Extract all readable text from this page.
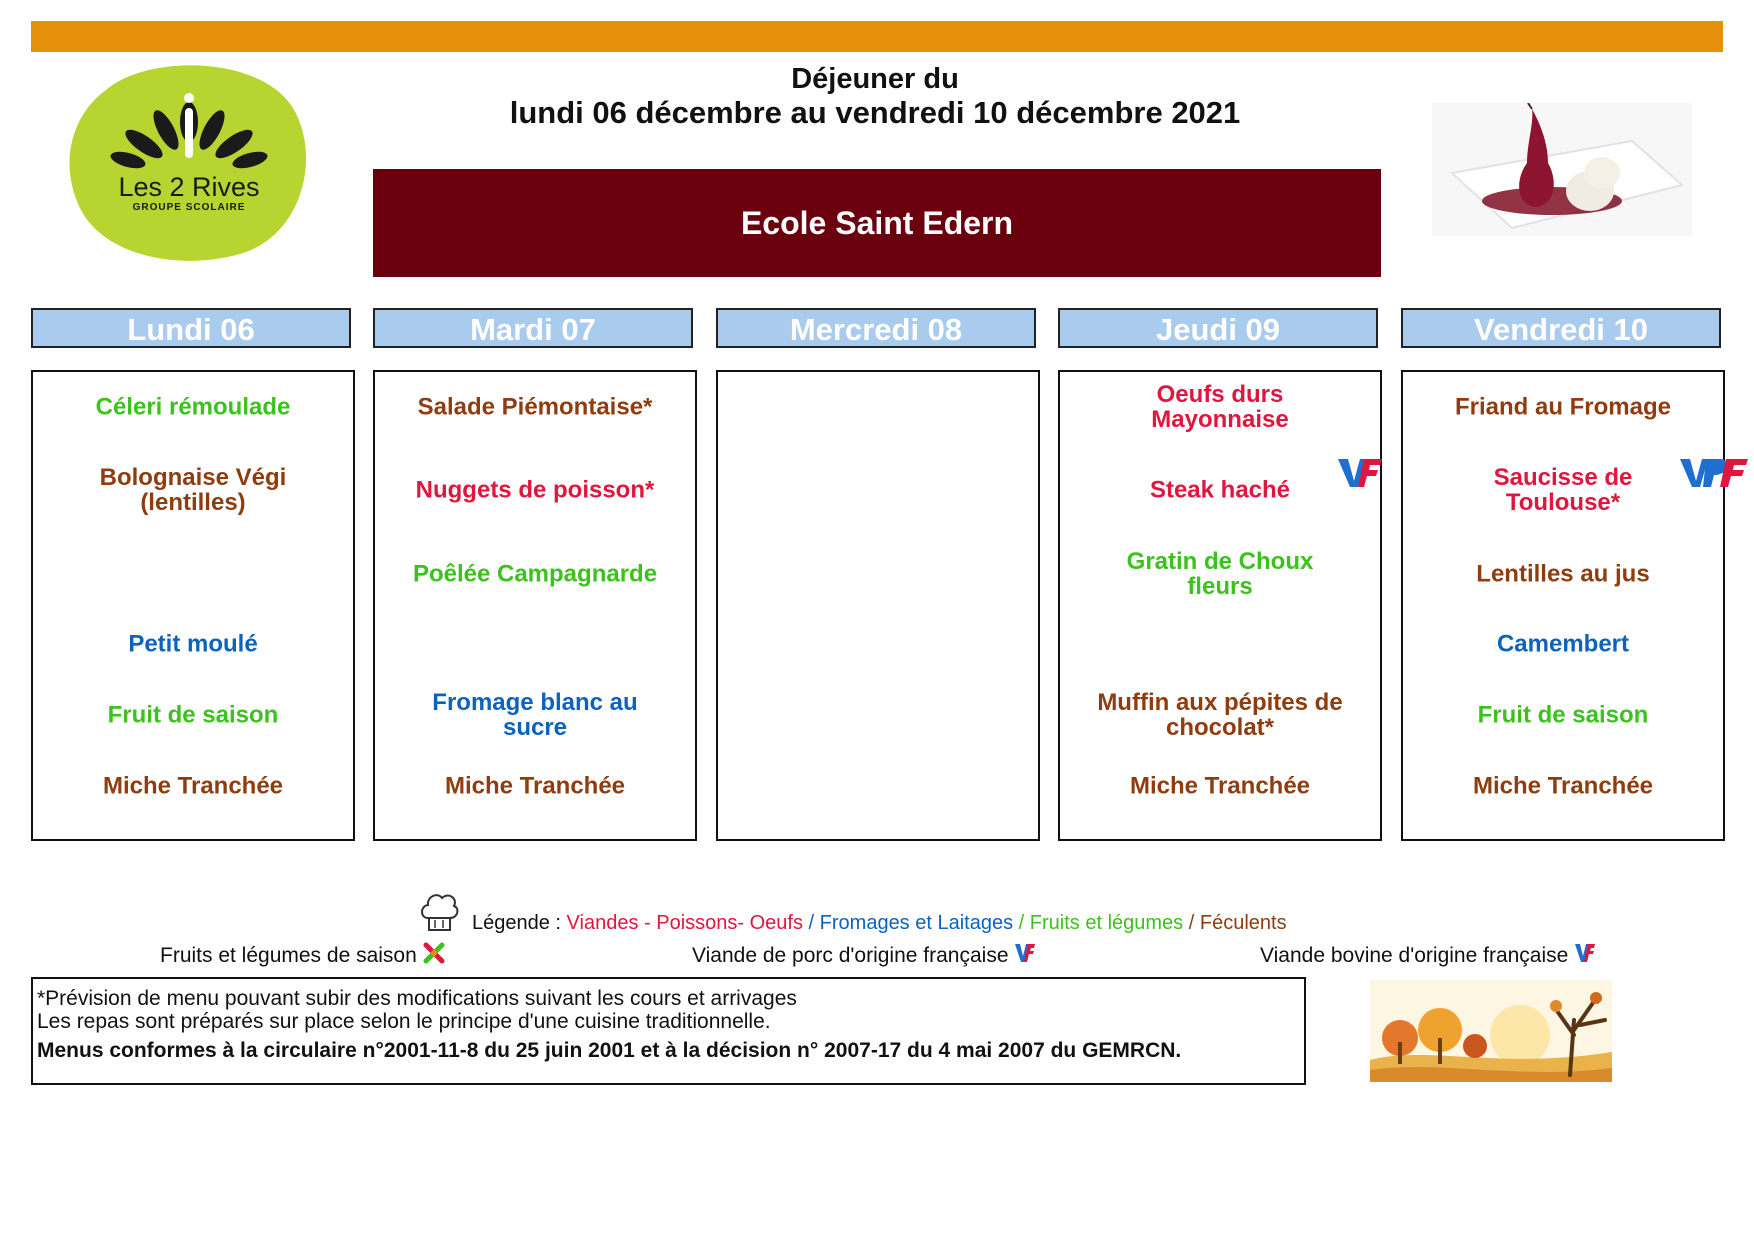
Les 2 Rives
GROUPE SCOLAIRE
Déjeuner du
lundi 06 décembre au vendredi 10 décembre 2021
Ecole Saint Edern
Lundi 06	Mardi 07	Mercredi 08	Jeudi 09	Vendredi 10
Céleri rémoulade
Bolognaise Végi
(lentilles)
Petit moulé
Fruit de saison
Miche Tranchée
Salade Piémontaise*
Nuggets de poisson*
Poêlée Campagnarde
Fromage blanc au
sucre
Miche Tranchée
Oeufs durs
Mayonnaise
Steak haché
Gratin de Choux
fleurs
Muffin aux pépites de
chocolat*
Miche Tranchée
Friand au Fromage
Saucisse de
Toulouse*
Lentilles au jus
Camembert
Fruit de saison
Miche Tranchée
Légende : Viandes - Poissons- Oeufs / Fromages et Laitages / Fruits et légumes / Féculents
Fruits et légumes de saison	Viande de porc d'origine française	Viande bovine d'origine française
*Prévision de menu pouvant subir des modifications suivant les cours et arrivages
Les repas sont préparés sur place selon le principe d'une cuisine traditionnelle.
Menus conformes à la circulaire n°2001-11-8 du 25 juin 2001 et à la décision n° 2007-17 du 4 mai 2007 du GEMRCN.
